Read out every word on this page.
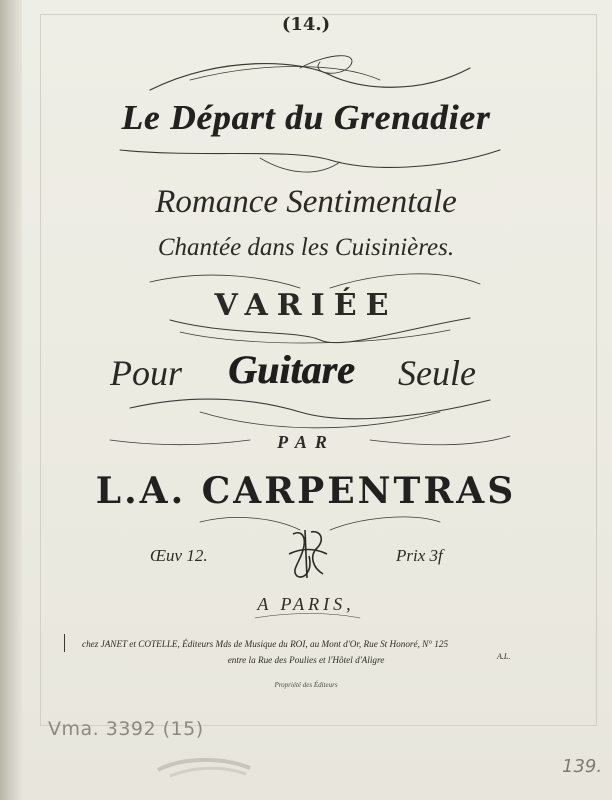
(14.)
Le Départ du Grenadier
Romance Sentimentale
Chantée dans les Cuisinières.
VARIÉE
Pour Guitare Seule
PAR
L.A. CARPENTRAS
Œuv 12.	Prix 3f
A PARIS,
chez JANET et COTELLE, Éditeurs Mds de Musique du ROI, au Mont d'Or, Rue St Honoré, N° 125
entre la Rue des Poulies et l'Hôtel d'Aligre	A.L.
Propriété des Éditeurs
Vma. 3392 (15)
139.
